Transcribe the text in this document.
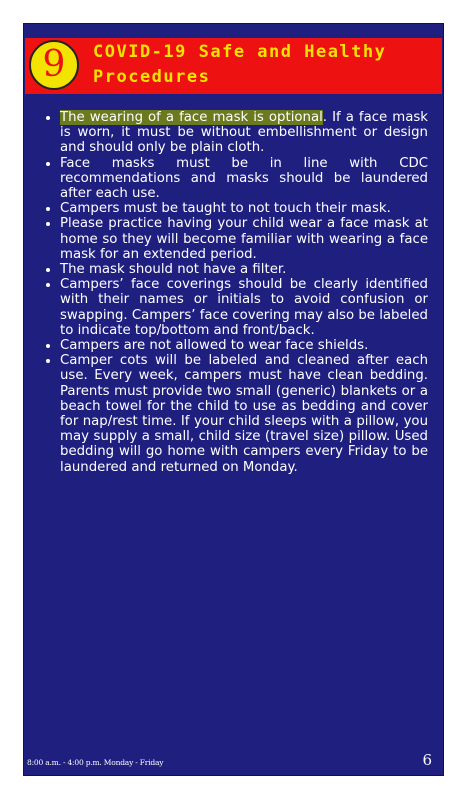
9	COVID-19 Safe and Healthy Procedures
• The wearing of a face mask is optional. If a face mask is worn, it must be without embellishment or design and should only be plain cloth.
• Face masks must be in line with CDC recommendations and masks should be laundered after each use.
• Campers must be taught to not touch their mask.
• Please practice having your child wear a face mask at home so they will become familiar with wearing a face mask for an extended period.
• The mask should not have a filter.
• Campers’ face coverings should be clearly identified with their names or initials to avoid confusion or swapping. Campers’ face covering may also be labeled to indicate top/bottom and front/back.
• Campers are not allowed to wear face shields.
• Camper cots will be labeled and cleaned after each use. Every week, campers must have clean bedding. Parents must provide two small (generic) blankets or a beach towel for the child to use as bedding and cover for nap/rest time. If your child sleeps with a pillow, you may supply a small, child size (travel size) pillow. Used bedding will go home with campers every Friday to be laundered and returned on Monday.
8:00 a.m. - 4:00 p.m. Monday - Friday	6
